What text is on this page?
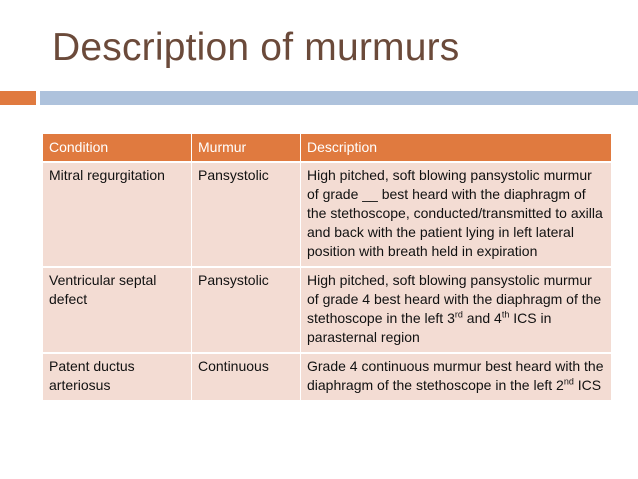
Description of murmurs
Condition	Murmur	Description
Mitral regurgitation	Pansystolic	High pitched, soft blowing pansystolic murmur of grade __ best heard with the diaphragm of the stethoscope, conducted/transmitted to axilla and back with the patient lying in left lateral position with breath held in expiration
Ventricular septal defect	Pansystolic	High pitched, soft blowing pansystolic murmur of grade 4 best heard with the diaphragm of the stethoscope in the left 3rd and 4th ICS in parasternal region
Patent ductus arteriosus	Continuous	Grade 4 continuous murmur best heard with the diaphragm of the stethoscope in the left 2nd ICS
